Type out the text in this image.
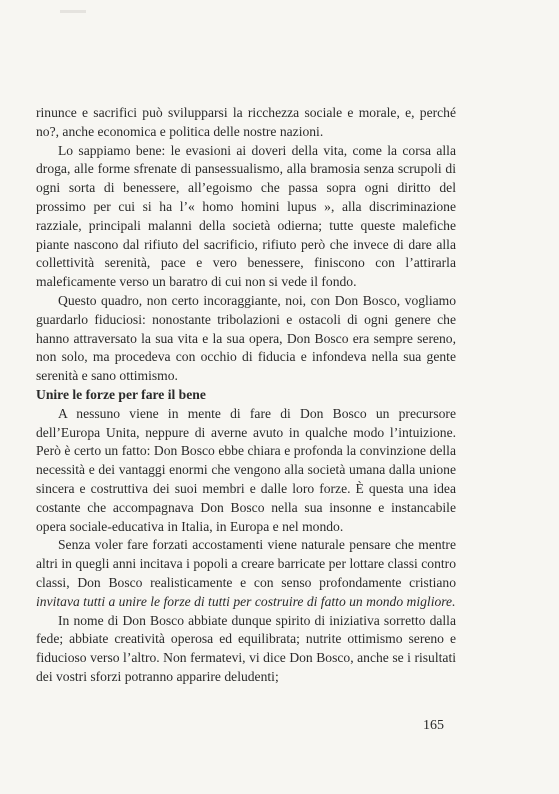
rinunce e sacrifici può svilupparsi la ricchezza sociale e morale, e, perché no?, anche economica e politica delle nostre nazioni.

Lo sappiamo bene: le evasioni ai doveri della vita, come la corsa alla droga, alle forme sfrenate di pansessualismo, alla bramosia senza scrupoli di ogni sorta di benessere, all’egoismo che passa sopra ogni diritto del prossimo per cui si ha l’« homo homini lupus », alla discriminazione razziale, principali malanni della società odierna; tutte queste malefiche piante nascono dal rifiuto del sacrificio, rifiuto però che invece di dare alla collettività serenità, pace e vero benessere, finiscono con l’attirarla maleficamente verso un baratro di cui non si vede il fondo.

Questo quadro, non certo incoraggiante, noi, con Don Bosco, vogliamo guardarlo fiduciosi: nonostante tribolazioni e ostacoli di ogni genere che hanno attraversato la sua vita e la sua opera, Don Bosco era sempre sereno, non solo, ma procedeva con occhio di fiducia e infondeva nella sua gente serenità e sano ottimismo.

Unire le forze per fare il bene

A nessuno viene in mente di fare di Don Bosco un precursore dell’Europa Unita, neppure di averne avuto in qualche modo l’intuizione. Però è certo un fatto: Don Bosco ebbe chiara e profonda la convinzione della necessità e dei vantaggi enormi che vengono alla società umana dalla unione sincera e costruttiva dei suoi membri e dalle loro forze. È questa una idea costante che accompagnava Don Bosco nella sua insonne e instancabile opera sociale-educativa in Italia, in Europa e nel mondo.

Senza voler fare forzati accostamenti viene naturale pensare che mentre altri in quegli anni incitava i popoli a creare barricate per lottare classi contro classi, Don Bosco realisticamente e con senso profondamente cristiano invitava tutti a unire le forze di tutti per costruire di fatto un mondo migliore.

In nome di Don Bosco abbiate dunque spirito di iniziativa sorretto dalla fede; abbiate creatività operosa ed equilibrata; nutrite ottimismo sereno e fiducioso verso l’altro. Non fermatevi, vi dice Don Bosco, anche se i risultati dei vostri sforzi potranno apparire deludenti;

165
